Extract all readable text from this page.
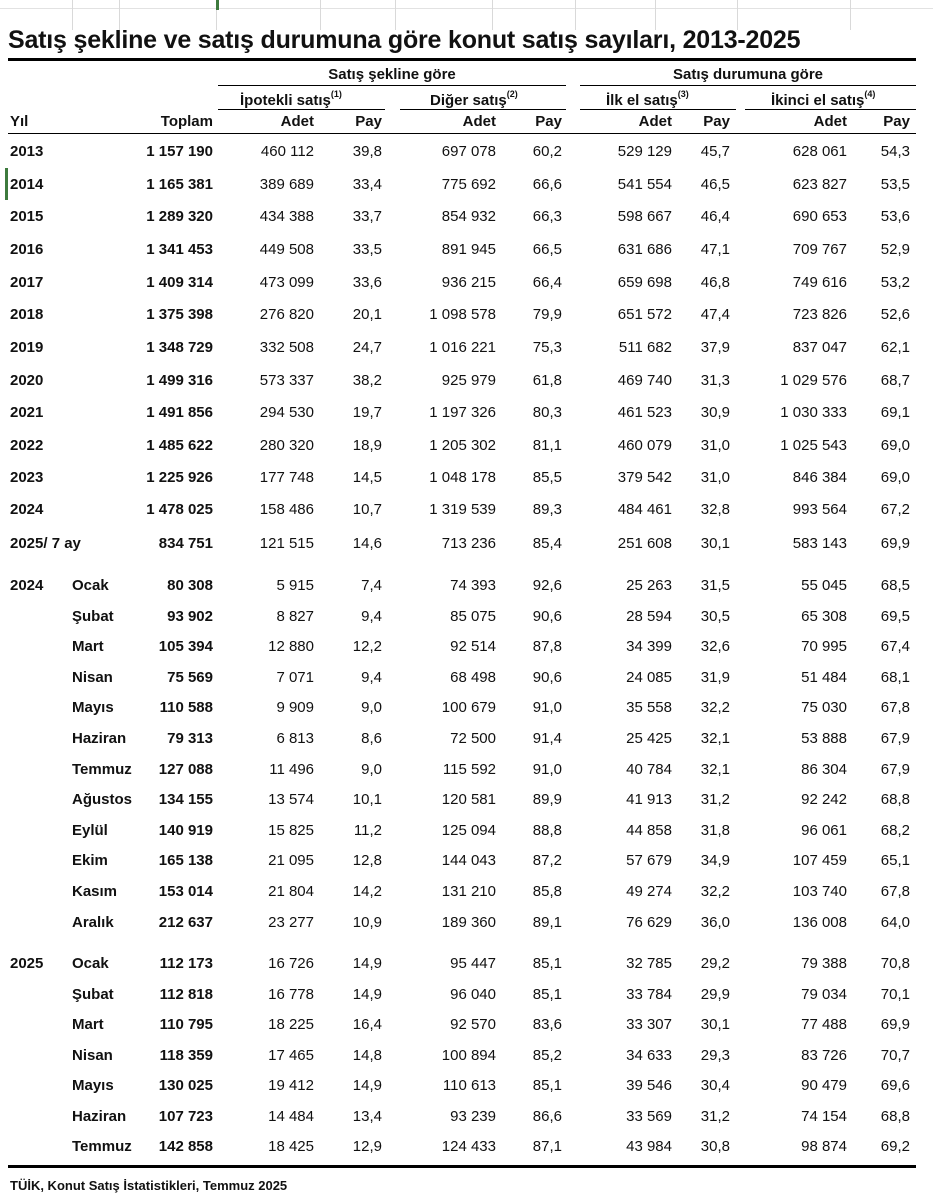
Satış şekline ve satış durumuna göre konut satış sayıları, 2013-2025
Satış şekline göre	Satış durumuna göre
İpotekli satış$^{(1)}$	Diğer satış$^{(2)}$	İlk el satış$^{(3)}$	İkinci el satış$^{(4)}$
Yıl	Toplam	Adet	Pay	Adet	Pay	Adet	Pay	Adet	Pay
2013	1 157 190	460 112	39,8	697 078	60,2	529 129	45,7	628 061	54,3
2014	1 165 381	389 689	33,4	775 692	66,6	541 554	46,5	623 827	53,5
2015	1 289 320	434 388	33,7	854 932	66,3	598 667	46,4	690 653	53,6
2016	1 341 453	449 508	33,5	891 945	66,5	631 686	47,1	709 767	52,9
2017	1 409 314	473 099	33,6	936 215	66,4	659 698	46,8	749 616	53,2
2018	1 375 398	276 820	20,1	1 098 578	79,9	651 572	47,4	723 826	52,6
2019	1 348 729	332 508	24,7	1 016 221	75,3	511 682	37,9	837 047	62,1
2020	1 499 316	573 337	38,2	925 979	61,8	469 740	31,3	1 029 576	68,7
2021	1 491 856	294 530	19,7	1 197 326	80,3	461 523	30,9	1 030 333	69,1
2022	1 485 622	280 320	18,9	1 205 302	81,1	460 079	31,0	1 025 543	69,0
2023	1 225 926	177 748	14,5	1 048 178	85,5	379 542	31,0	846 384	69,0
2024	1 478 025	158 486	10,7	1 319 539	89,3	484 461	32,8	993 564	67,2
2025/ 7 ay	834 751	121 515	14,6	713 236	85,4	251 608	30,1	583 143	69,9
2024 Ocak	80 308	5 915	7,4	74 393	92,6	25 263	31,5	55 045	68,5
Şubat	93 902	8 827	9,4	85 075	90,6	28 594	30,5	65 308	69,5
Mart	105 394	12 880	12,2	92 514	87,8	34 399	32,6	70 995	67,4
Nisan	75 569	7 071	9,4	68 498	90,6	24 085	31,9	51 484	68,1
Mayıs	110 588	9 909	9,0	100 679	91,0	35 558	32,2	75 030	67,8
Haziran	79 313	6 813	8,6	72 500	91,4	25 425	32,1	53 888	67,9
Temmuz	127 088	11 496	9,0	115 592	91,0	40 784	32,1	86 304	67,9
Ağustos	134 155	13 574	10,1	120 581	89,9	41 913	31,2	92 242	68,8
Eylül	140 919	15 825	11,2	125 094	88,8	44 858	31,8	96 061	68,2
Ekim	165 138	21 095	12,8	144 043	87,2	57 679	34,9	107 459	65,1
Kasım	153 014	21 804	14,2	131 210	85,8	49 274	32,2	103 740	67,8
Aralık	212 637	23 277	10,9	189 360	89,1	76 629	36,0	136 008	64,0
2025 Ocak	112 173	16 726	14,9	95 447	85,1	32 785	29,2	79 388	70,8
Şubat	112 818	16 778	14,9	96 040	85,1	33 784	29,9	79 034	70,1
Mart	110 795	18 225	16,4	92 570	83,6	33 307	30,1	77 488	69,9
Nisan	118 359	17 465	14,8	100 894	85,2	34 633	29,3	83 726	70,7
Mayıs	130 025	19 412	14,9	110 613	85,1	39 546	30,4	90 479	69,6
Haziran	107 723	14 484	13,4	93 239	86,6	33 569	31,2	74 154	68,8
Temmuz	142 858	18 425	12,9	124 433	87,1	43 984	30,8	98 874	69,2
TÜİK, Konut Satış İstatistikleri, Temmuz 2025
